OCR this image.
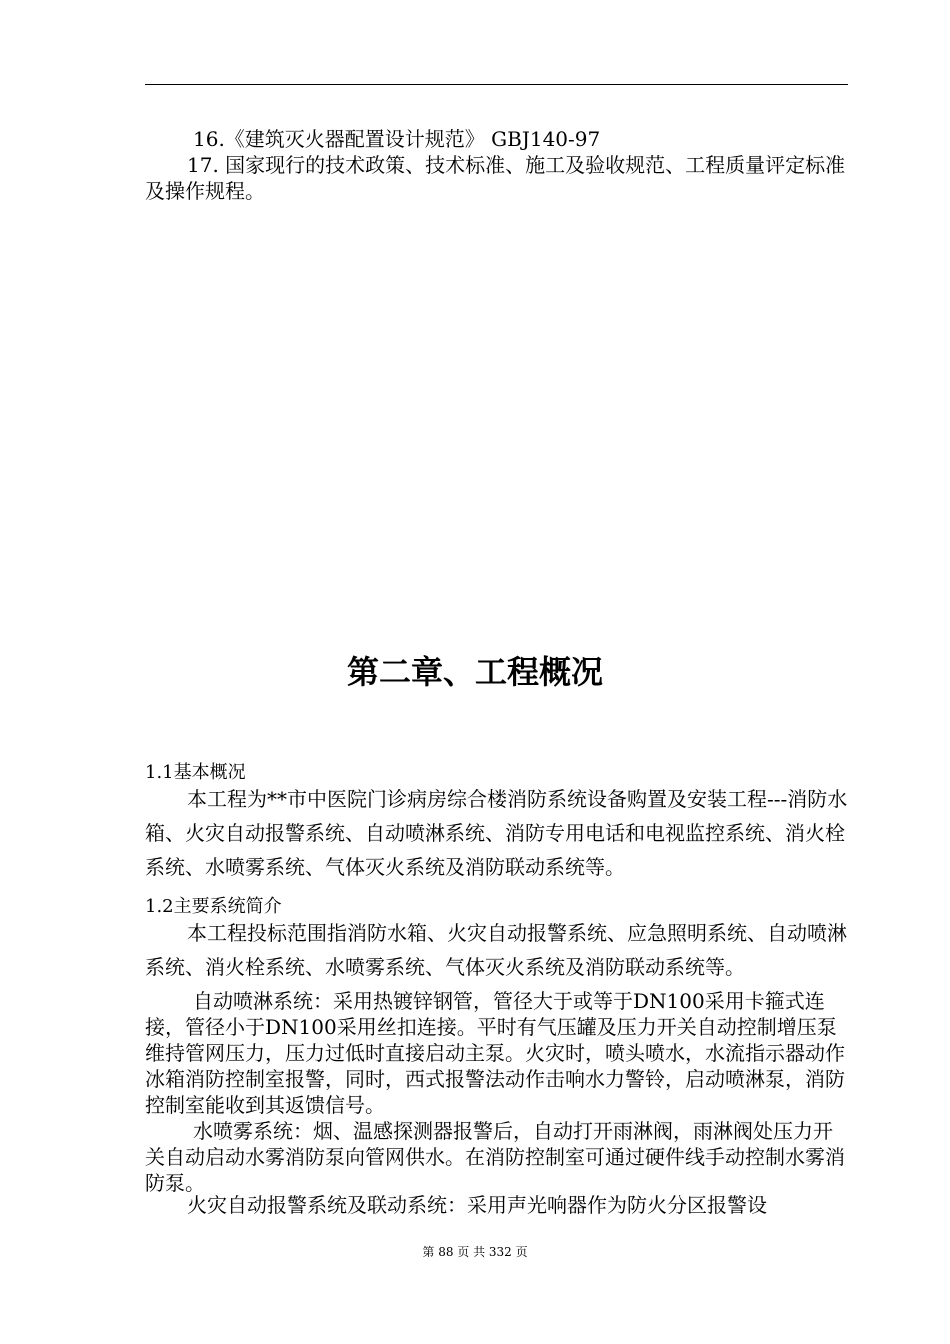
16.《建筑灭火器配置设计规范》 GBJ140-97

17. 国家现行的技术政策、技术标准、施工及验收规范、工程质量评定标准及操作规程。

第二章、工程概况

1.1基本概况

本工程为**市中医院门诊病房综合楼消防系统设备购置及安装工程---消防水箱、火灾自动报警系统、自动喷淋系统、消防专用电话和电视监控系统、消火栓系统、水喷雾系统、气体灭火系统及消防联动系统等。

1.2主要系统简介

本工程投标范围指消防水箱、火灾自动报警系统、应急照明系统、自动喷淋系统、消火栓系统、水喷雾系统、气体灭火系统及消防联动系统等。

自动喷淋系统：采用热镀锌钢管，管径大于或等于DN100采用卡箍式连接，管径小于DN100采用丝扣连接。平时有气压罐及压力开关自动控制增压泵维持管网压力，压力过低时直接启动主泵。火灾时，喷头喷水，水流指示器动作冰箱消防控制室报警，同时，西式报警法动作击响水力警铃，启动喷淋泵，消防控制室能收到其返馈信号。

水喷雾系统：烟、温感探测器报警后，自动打开雨淋阀，雨淋阀处压力开关自动启动水雾消防泵向管网供水。在消防控制室可通过硬件线手动控制水雾消防泵。

火灾自动报警系统及联动系统：采用声光响器作为防火分区报警设

第 88 页 共 332 页
